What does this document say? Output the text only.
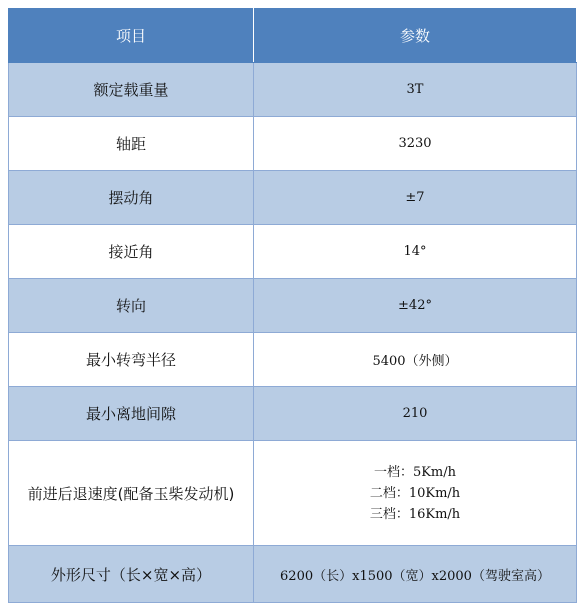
项目	参数
额定载重量	3T
轴距	3230
摆动角	±7
接近角	14°
转向	±42°
最小转弯半径	5400（外侧）
最小离地间隙	210
前进后退速度(配备玉柴发动机)	一档：5Km/h
二档：10Km/h
三档：16Km/h

外形尺寸（长×宽×高）	6200（长）x1500（宽）x2000（驾驶室高）
